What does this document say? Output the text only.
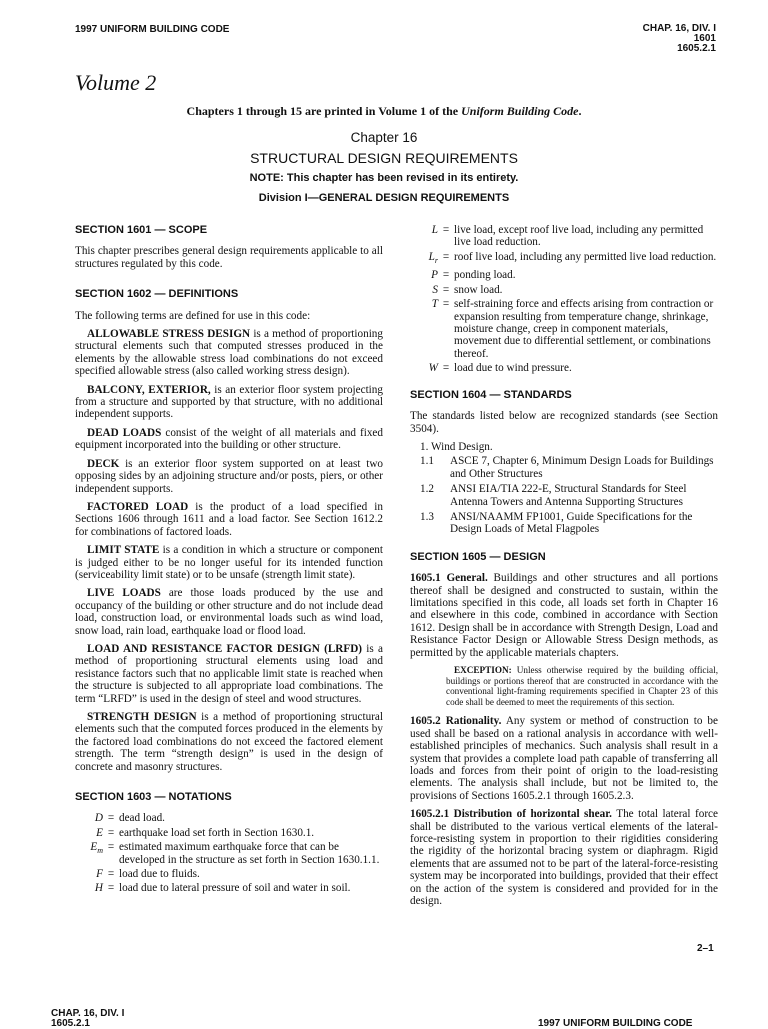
1997 UNIFORM BUILDING CODE	CHAP. 16, DIV. I
1601
1605.2.1
Volume 2
Chapters 1 through 15 are printed in Volume 1 of the Uniform Building Code.
Chapter 16
STRUCTURAL DESIGN REQUIREMENTS
NOTE: This chapter has been revised in its entirety.
Division I—GENERAL DESIGN REQUIREMENTS
SECTION 1601 — SCOPE
This chapter prescribes general design requirements applicable to all structures regulated by this code.
SECTION 1602 — DEFINITIONS
The following terms are defined for use in this code:
ALLOWABLE STRESS DESIGN is a method of proportioning structural elements such that computed stresses produced in the elements by the allowable stress load combinations do not exceed specified allowable stress (also called working stress design).
BALCONY, EXTERIOR, is an exterior floor system projecting from a structure and supported by that structure, with no additional independent supports.
DEAD LOADS consist of the weight of all materials and fixed equipment incorporated into the building or other structure.
DECK is an exterior floor system supported on at least two opposing sides by an adjoining structure and/or posts, piers, or other independent supports.
FACTORED LOAD is the product of a load specified in Sections 1606 through 1611 and a load factor. See Section 1612.2 for combinations of factored loads.
LIMIT STATE is a condition in which a structure or component is judged either to be no longer useful for its intended function (serviceability limit state) or to be unsafe (strength limit state).
LIVE LOADS are those loads produced by the use and occupancy of the building or other structure and do not include dead load, construction load, or environmental loads such as wind load, snow load, rain load, earthquake load or flood load.
LOAD AND RESISTANCE FACTOR DESIGN (LRFD) is a method of proportioning structural elements using load and resistance factors such that no applicable limit state is reached when the structure is subjected to all appropriate load combinations. The term “LRFD” is used in the design of steel and wood structures.
STRENGTH DESIGN is a method of proportioning structural elements such that the computed forces produced in the elements by the factored load combinations do not exceed the factored element strength. The term “strength design” is used in the design of concrete and masonry structures.
SECTION 1603 — NOTATIONS
D = dead load.
E = earthquake load set forth in Section 1630.1.
$E_m$ = estimated maximum earthquake force that can be developed in the structure as set forth in Section 1630.1.1.
F = load due to fluids.
H = load due to lateral pressure of soil and water in soil.
L = live load, except roof live load, including any permitted live load reduction.
$L_r$ = roof live load, including any permitted live load reduction.
P = ponding load.
S = snow load.
T = self-straining force and effects arising from contraction or expansion resulting from temperature change, shrinkage, moisture change, creep in component materials, movement due to differential settlement, or combinations thereof.
W = load due to wind pressure.
SECTION 1604 — STANDARDS
The standards listed below are recognized standards (see Section 3504).
1. Wind Design.
1.1	ASCE 7, Chapter 6, Minimum Design Loads for Buildings and Other Structures
1.2	ANSI EIA/TIA 222-E, Structural Standards for Steel Antenna Towers and Antenna Supporting Structures
1.3	ANSI/NAAMM FP1001, Guide Specifications for the Design Loads of Metal Flagpoles
SECTION 1605 — DESIGN
1605.1 General. Buildings and other structures and all portions thereof shall be designed and constructed to sustain, within the limitations specified in this code, all loads set forth in Chapter 16 and elsewhere in this code, combined in accordance with Section 1612. Design shall be in accordance with Strength Design, Load and Resistance Factor Design or Allowable Stress Design methods, as permitted by the applicable materials chapters.
EXCEPTION: Unless otherwise required by the building official, buildings or portions thereof that are constructed in accordance with the conventional light-framing requirements specified in Chapter 23 of this code shall be deemed to meet the requirements of this section.
1605.2 Rationality. Any system or method of construction to be used shall be based on a rational analysis in accordance with well-established principles of mechanics. Such analysis shall result in a system that provides a complete load path capable of transferring all loads and forces from their point of origin to the load-resisting elements. The analysis shall include, but not be limited to, the provisions of Sections 1605.2.1 through 1605.2.3.
1605.2.1 Distribution of horizontal shear. The total lateral force shall be distributed to the various vertical elements of the lateral-force-resisting system in proportion to their rigidities considering the rigidity of the horizontal bracing system or diaphragm. Rigid elements that are assumed not to be part of the lateral-force-resisting system may be incorporated into buildings, provided that their effect on the action of the system is considered and provided for in the design.
2–1
CHAP. 16, DIV. I
1605.2.1	1997 UNIFORM BUILDING CODE
